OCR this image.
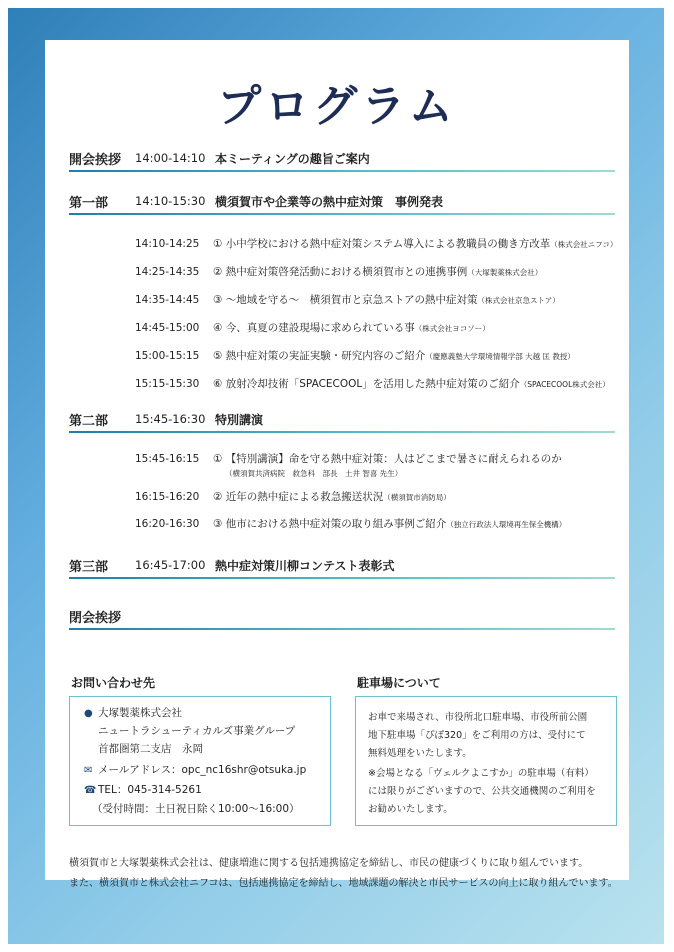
プログラム
開会挨拶	14:00-14:10 本ミーティングの趣旨ご案内
第一部	14:10-15:30 横須賀市や企業等の熱中症対策　事例発表
14:10-14:25 ① 小中学校における熱中症対策システム導入による教職員の働き方改革（株式会社ニフコ）
14:25-14:35 ② 熱中症対策啓発活動における横須賀市との連携事例（大塚製薬株式会社）
14:35-14:45 ③ ～地域を守る～　横須賀市と京急ストアの熱中症対策（株式会社京急ストア）
14:45-15:00 ④ 今、真夏の建設現場に求められている事（株式会社ヨコソー）
15:00-15:15 ⑤ 熱中症対策の実証実験・研究内容のご紹介（慶應義塾大学環境情報学部 大越 匡 教授）
15:15-15:30 ⑥ 放射冷却技術「SPACECOOL」を活用した熱中症対策のご紹介（SPACECOOL株式会社）
第二部	15:45-16:30 特別講演
15:45-16:15 ① 【特別講演】命を守る熱中症対策：人はどこまで暑さに耐えられるのか
（横須賀共済病院　救急科　部長　土井 智喜 先生）
16:15-16:20 ② 近年の熱中症による救急搬送状況（横須賀市消防局）
16:20-16:30 ③ 他市における熱中症対策の取り組み事例ご紹介（独立行政法人環境再生保全機構）
第三部	16:45-17:00 熱中症対策川柳コンテスト表彰式
閉会挨拶
お問い合わせ先
● 大塚製薬株式会社
ニュートラシューティカルズ事業グループ
首都圏第二支店　永岡
✉ メールアドレス：opc_nc16shr@otsuka.jp
☎ TEL：045-314-5261
（受付時間：土日祝日除く10:00～16:00）
駐車場について
お車で来場され、市役所北口駐車場、市役所前公園
地下駐車場「ぴぽ320」をご利用の方は、受付にて
無料処理をいたします。
※会場となる「ヴェルクよこすか」の駐車場（有料）
には限りがございますので、公共交通機関のご利用を
お勧めいたします。
横須賀市と大塚製薬株式会社は、健康増進に関する包括連携協定を締結し、市民の健康づくりに取り組んでいます。
また、横須賀市と株式会社ニフコは、包括連携協定を締結し、地域課題の解決と市民サービスの向上に取り組んでいます。
